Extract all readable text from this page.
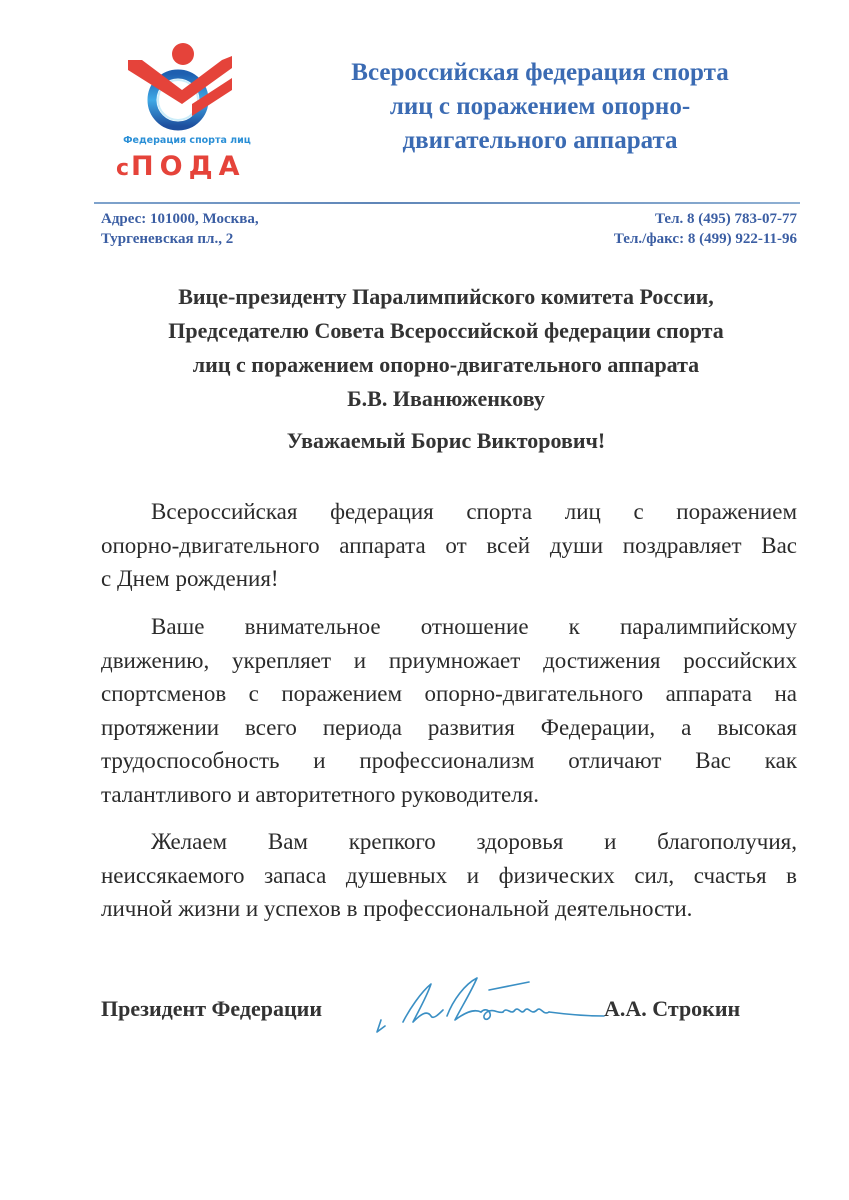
Федерация спорта лиц
сПОДА
Всероссийская федерация спорта
лиц с поражением опорно-
двигательного аппарата
Адрес: 101000, Москва,
Тургеневская пл., 2
Тел. 8 (495) 783-07-77
Тел./факс: 8 (499) 922-11-96
Вице-президенту Паралимпийского комитета России,
Председателю Совета Всероссийской федерации спорта
лиц с поражением опорно-двигательного аппарата
Б.В. Иванюженкову
Уважаемый Борис Викторович!
Всероссийская федерация спорта лиц с поражением
опорно-двигательного аппарата от всей души поздравляет Вас
с Днем рождения!
Ваше внимательное отношение к паралимпийскому
движению, укрепляет и приумножает достижения российских
спортсменов с поражением опорно-двигательного аппарата на
протяжении всего периода развития Федерации, а высокая
трудоспособность и профессионализм отличают Вас как
талантливого и авторитетного руководителя.
Желаем Вам крепкого здоровья и благополучия,
неиссякаемого запаса душевных и физических сил, счастья в
личной жизни и успехов в профессиональной деятельности.
Президент Федерации	А.А. Строкин
